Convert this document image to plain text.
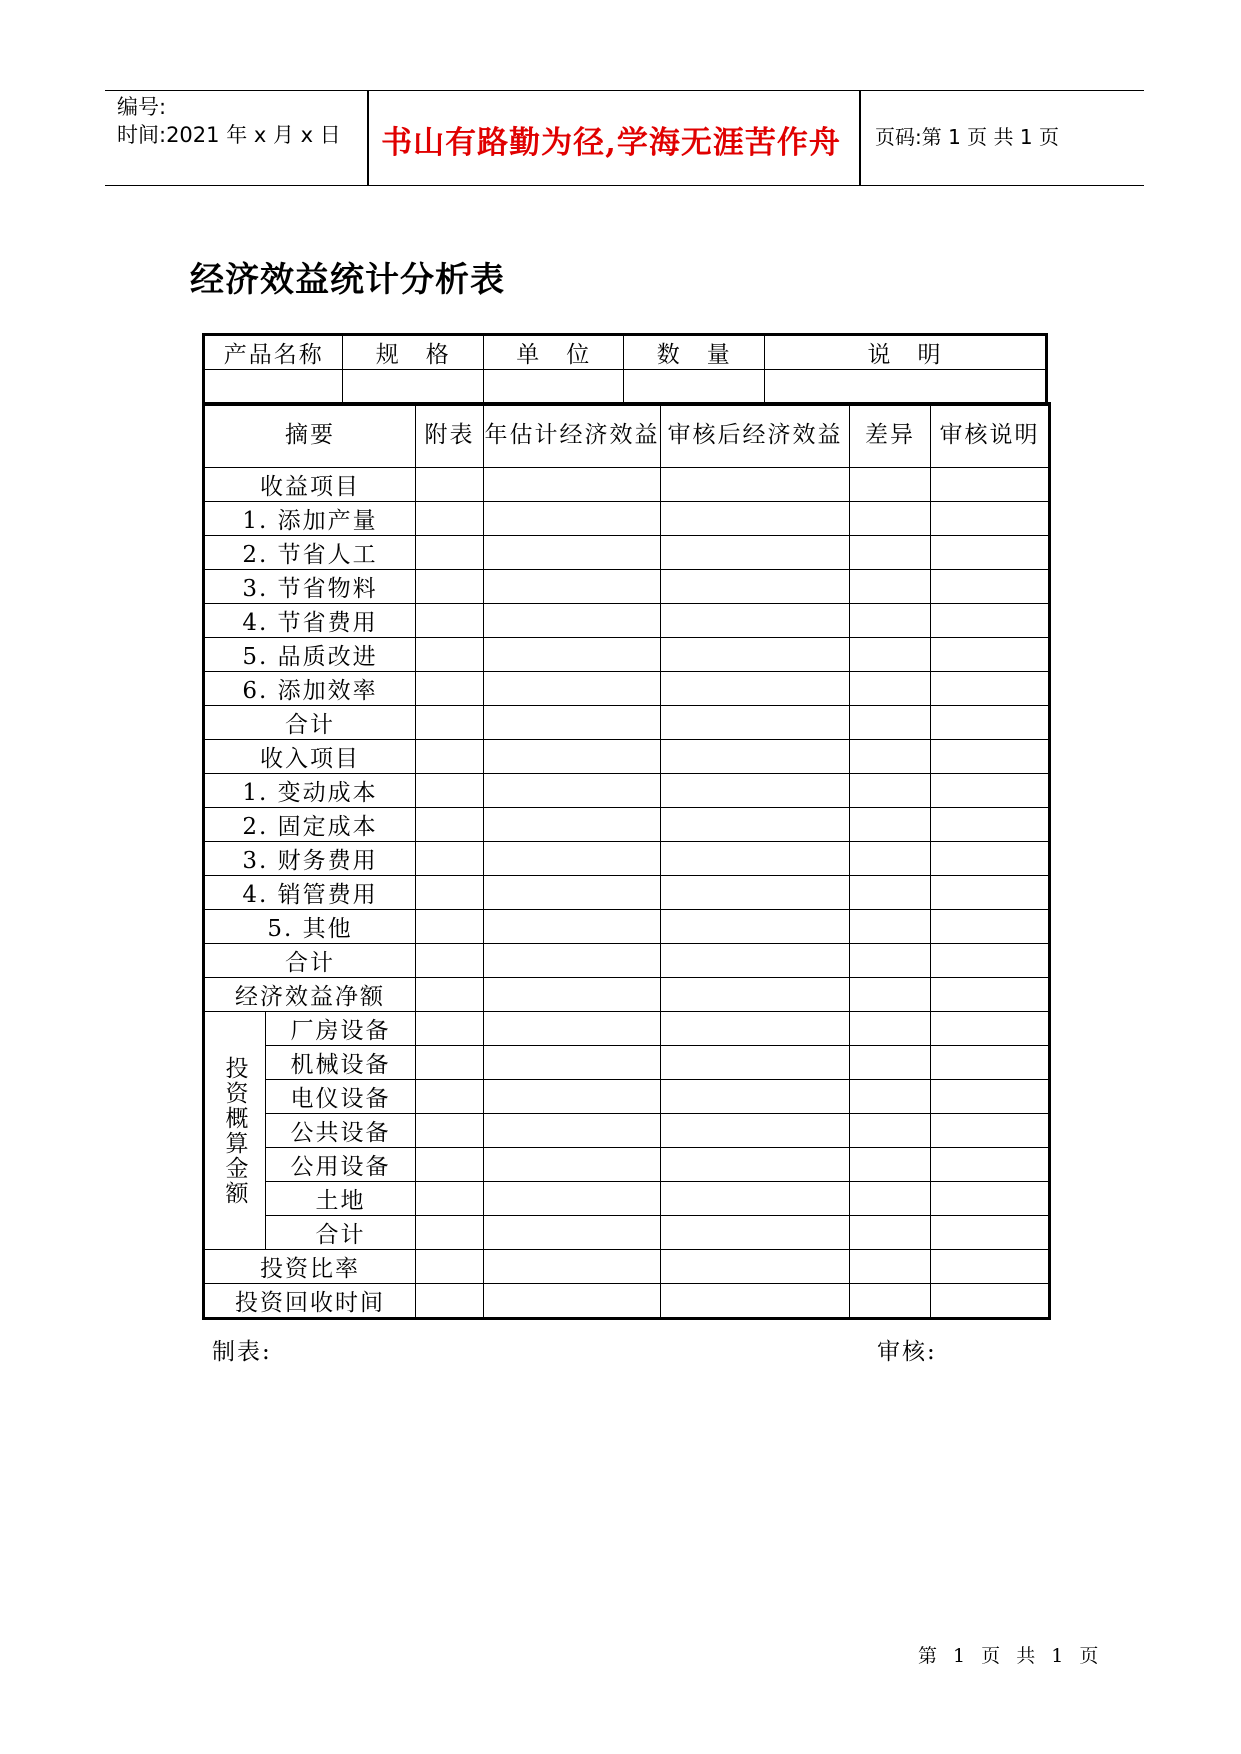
编号:
时间:2021 年 x 月 x 日	书山有路勤为径,学海无涯苦作舟	页码:第 1 页 共 1 页
经济效益统计分析表
产品名称	规　格	单　位	数　量	说　明

摘要		附表	年估计经济效益	审核后经济效益	差异	审核说明
收益项目						
1. 添加产量						
2. 节省人工						
3. 节省物料						
4. 节省费用						
5. 品质改进						
6. 添加效率						
合计						
收入项目						
1. 变动成本						
2. 固定成本						
3. 财务费用						
4. 销管费用						
5. 其他						
合计						
经济效益净额						
投资概算金额	厂房设备					
	机械设备					
	电仪设备					
	公共设备					
	公用设备					
	土地					
	合计					
投资比率						
投资回收时间						
制表:	审核:
第 1 页 共 1 页
